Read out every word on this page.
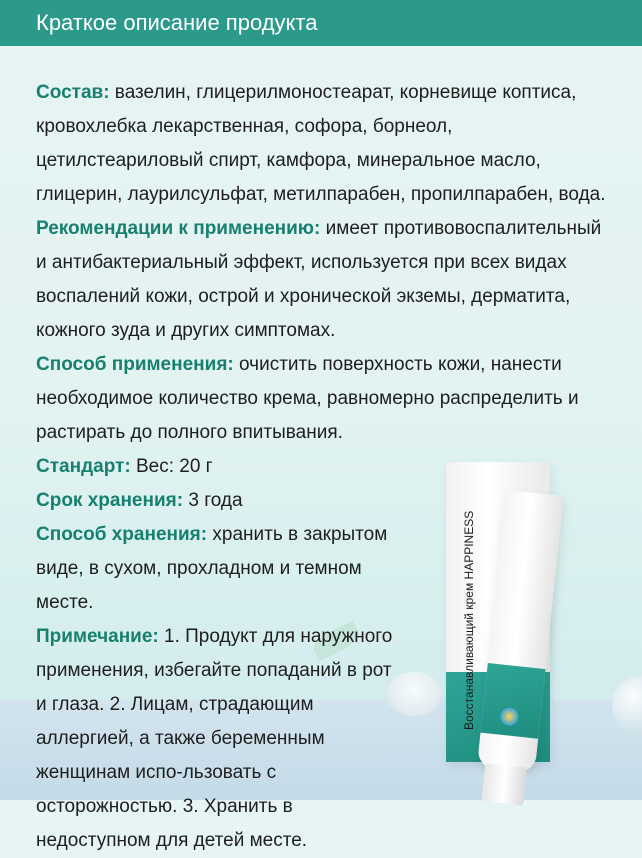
Восстанавливающий крем HAPPINESS
Краткое описание продукта

Состав: вазелин, глицерилмоностеарат, корневище коптиса, кровохлебка лекарственная, софора, борнеол, цетилстеариловый спирт, камфора, минеральное масло, глицерин, лаурилсульфат, метилпарабен, пропилпарабен, вода.

Рекомендации к применению: имеет противовоспалительный и антибактериальный эффект, используется при всех видах воспалений кожи, острой и хронической экземы, дерматита, кожного зуда и других симптомах.

Способ применения: очистить поверхность кожи, нанести необходимое количество крема, равномерно распределить и растирать до полного впитывания.

Стандарт: Вес: 20 г

Срок хранения: 3 года

Способ хранения: хранить в закрытом виде, в сухом, прохладном и темном месте.

Примечание: 1. Продукт для наружного применения, избегайте попаданий в рот и глаза. 2. Лицам, страдающим аллергией, а также беременным женщинам испо-льзовать с осторожностью. 3. Хранить в недоступном для детей месте.
